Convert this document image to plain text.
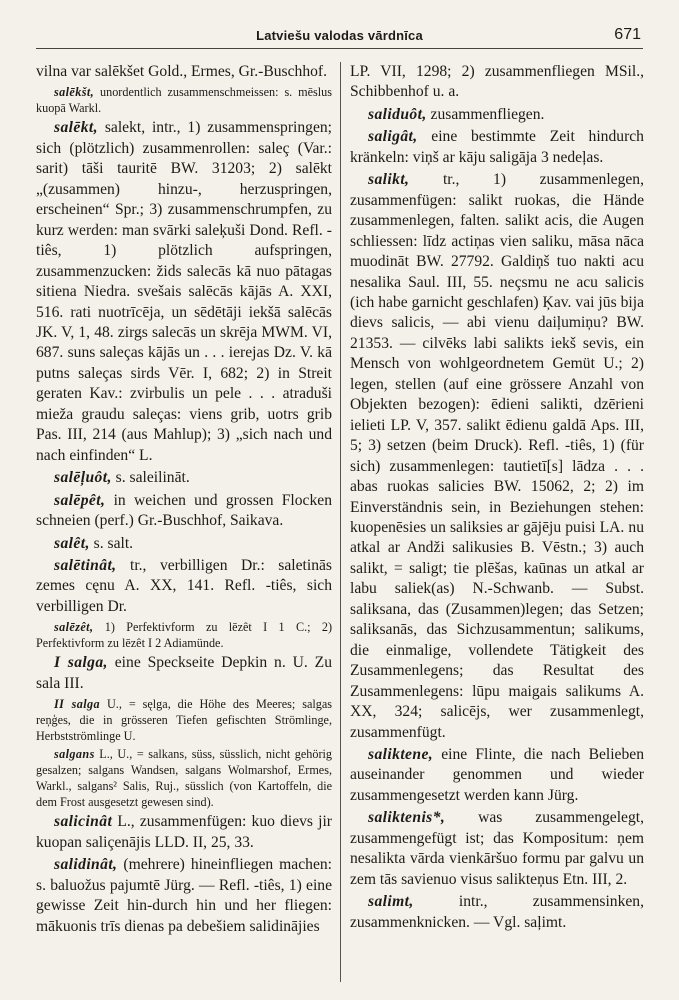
Latviešu valodas vārdnīca	671

vilna var salēkšet Gold., Ermes, Gr.-Buschhof.

salēkšt, unordentlich zusammenschmeissen: s. mēslus kuopā Warkl.

salēkt, salekt, intr., 1) zusammenspringen; sich (plötzlich) zusammenrollen: saleç (Var.: sarit) tāši tauritē BW. 31203; 2) salēkt „(zusammen) hinzu-, herzuspringen, erscheinen“ Spr.; 3) zusammenschrumpfen, zu kurz werden: man svārki saleķuši Dond. Refl. -tiês, 1) plötzlich aufspringen, zusammenzucken: žids salecās kā nuo pātagas sitiena Niedra. svešais salēcās kājās A. XXI, 516. rati nuotrīcēja, un sēdētāji iekšā salēcās JK. V, 1, 48. zirgs salecās un skrēja MWM. VI, 687. suns saleças kājās un . . . ierejas Dz. V. kā putns saleças sirds Vēr. I, 682; 2) in Streit geraten Kav.: zvirbulis un pele . . . atraduši mieža graudu saleças: viens grib, uotrs grib Pas. III, 214 (aus Mahlup); 3) „sich nach und nach einfinden“ L.

salēļuôt, s. saleilināt.

salēpêt, in weichen und grossen Flocken schneien (perf.) Gr.-Buschhof, Saikava.

salêt, s. salt.

salētinât, tr., verbilligen Dr.: saletinās zemes cęnu A. XX, 141. Refl. -tiês, sich verbilligen Dr.

salēzêt, 1) Perfektivform zu lēzêt I 1 C.; 2) Perfektivform zu lēzêt I 2 Adiamünde.

I salga, eine Speckseite Depkin n. U. Zu sala III.

II salga U., = sęlga, die Höhe des Meeres; salgas reņģes, die in grösseren Tiefen gefischten Strömlinge, Herbstströmlinge U.

salgans L., U., = salkans, süss, süsslich, nicht gehörig gesalzen; salgans Wandsen, salgans Wolmarshof, Ermes, Warkl., salgans² Salis, Ruj., süsslich (von Kartoffeln, die dem Frost ausgesetzt gewesen sind).

salicinât L., zusammenfügen: kuo dievs jir kuopan saliçenājis LLD. II, 25, 33.

salidinât, (mehrere) hineinfliegen machen: s. baluožus pajumtē Jürg. — Refl. -tiês, 1) eine gewisse Zeit hin-durch hin und her fliegen: mākuonis trīs dienas pa debešiem salidinājies

LP. VII, 1298; 2) zusammenfliegen MSil., Schibbenhof u. a.

saliduôt, zusammenfliegen.

saligât, eine bestimmte Zeit hindurch kränkeln: viņš ar kāju saligāja 3 nedeļas.

salikt, tr., 1) zusammenlegen, zusammenfügen: salikt ruokas, die Hände zusammenlegen, falten. salikt acis, die Augen schliessen: līdz actiņas vien saliku, māsa nāca muodināt BW. 27792. Galdiņš tuo nakti acu nesalika Saul. III, 55. neçsmu ne acu salicis (ich habe garnicht geschlafen) Ķav. vai jūs bija dievs salicis, — abi vienu daiļumiņu? BW. 21353. — cilvēks labi salikts iekš sevis, ein Mensch von wohlgeordnetem Gemüt U.; 2) legen, stellen (auf eine grössere Anzahl von Objekten bezogen): ēdieni salikti, dzērieni ielieti LP. V, 357. salikt ēdienu galdā Aps. III, 5; 3) setzen (beim Druck). Refl. -tiês, 1) (für sich) zusammenlegen: tautietī[s] lādza . . . abas ruokas salicies BW. 15062, 2; 2) im Einverständnis sein, in Beziehungen stehen: kuopenēsies un saliksies ar gājēju puisi LA. nu atkal ar Andži salikusies B. Vēstn.; 3) auch salikt, = saligt; tie plēšas, kaūnas un atkal ar labu saliek(as) N.-Schwanb. — Subst. saliksana, das (Zusammen)legen; das Setzen; saliksanās, das Sichzusammentun; salikums, die einmalige, vollendete Tätigkeit des Zusammenlegens; das Resultat des Zusammenlegens: lūpu maigais salikums A. XX, 324; salicējs, wer zusammenlegt, zusammenfügt.

saliktene, eine Flinte, die nach Belieben auseinander genommen und wieder zusammengesetzt werden kann Jürg.

saliktenis*, was zusammengelegt, zusammengefügt ist; das Kompositum: ņem nesalikta vārda vienkāršuo formu par galvu un zem tās savienuo visus salikteņus Etn. III, 2.

salimt,	intr., zusammensinken, zusammenknicken. — Vgl. saļimt.
